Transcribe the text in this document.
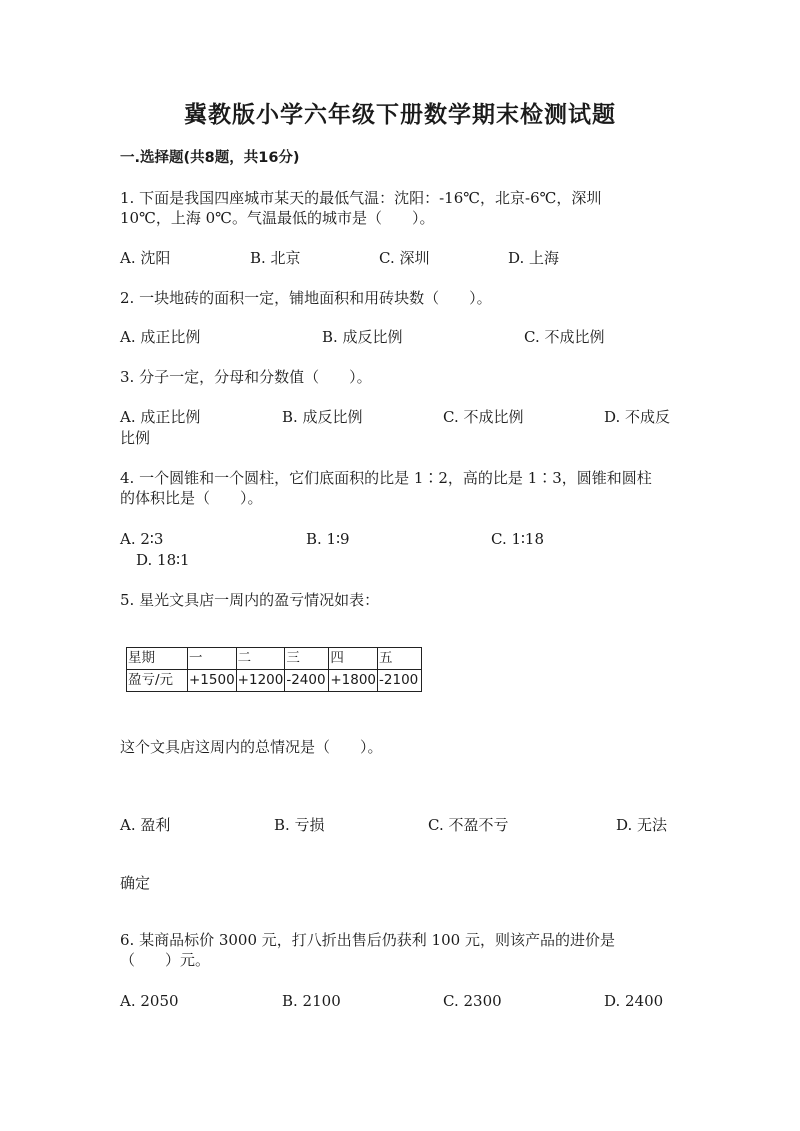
冀教版小学六年级下册数学期末检测试题
一.选择题(共8题，共16分)
1. 下面是我国四座城市某天的最低气温：沈阳：-16℃，北京-6℃，深圳
10℃，上海 0℃。气温最低的城市是（　　）。
A. 沈阳	B. 北京	C. 深圳	D. 上海
2. 一块地砖的面积一定，铺地面积和用砖块数（　　）。
A. 成正比例	B. 成反比例	C. 不成比例
3. 分子一定，分母和分数值（　　）。
A. 成正比例	B. 成反比例	C. 不成比例	D. 不成反
比例
4. 一个圆锥和一个圆柱，它们底面积的比是 1∶2，高的比是 1∶3，圆锥和圆柱
的体积比是（　　）。
A. 2∶3	B. 1∶9	C. 1∶18
D. 18∶1
5. 星光文具店一周内的盈亏情况如表：
星期	一	二	三	四	五
盈亏/元	+1500	+1200	-2400	+1800	-2100
这个文具店这周内的总情况是（　　）。
A. 盈利	B. 亏损	C. 不盈不亏	D. 无法
确定
6. 某商品标价 3000 元，打八折出售后仍获利 100 元，则该产品的进价是
（　　）元。
A. 2050	B. 2100	C. 2300	D. 2400
